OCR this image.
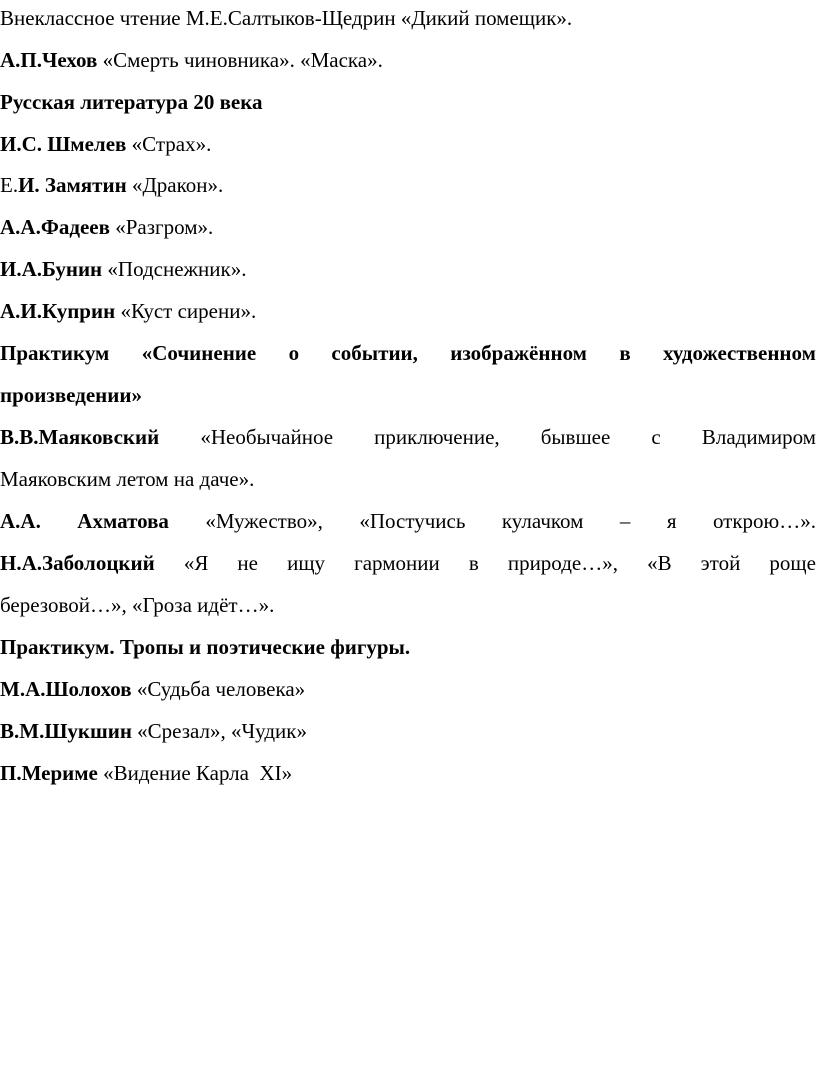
Внеклассное чтение М.Е.Салтыков-Щедрин «Дикий помещик».
А.П.Чехов «Смерть чиновника». «Маска».
Русская литература 20 века
И.С. Шмелев «Страх».
Е.И. Замятин «Дракон».
А.А.Фадеев «Разгром».
И.А.Бунин «Подснежник».
А.И.Куприн «Куст сирени».
Практикум «Сочинение о событии, изображённом в художественном
произведении»
В.В.Маяковский «Необычайное приключение, бывшее с Владимиром
Маяковским летом на даче».
А.А. Ахматова «Мужество», «Постучись кулачком – я открою…».
Н.А.Заболоцкий «Я не ищу гармонии в природе…», «В этой роще
березовой…», «Гроза идёт…».
Практикум. Тропы и поэтические фигуры.
М.А.Шолохов «Судьба человека»
В.М.Шукшин «Срезал», «Чудик»
П.Мериме «Видение Карла  XI»
